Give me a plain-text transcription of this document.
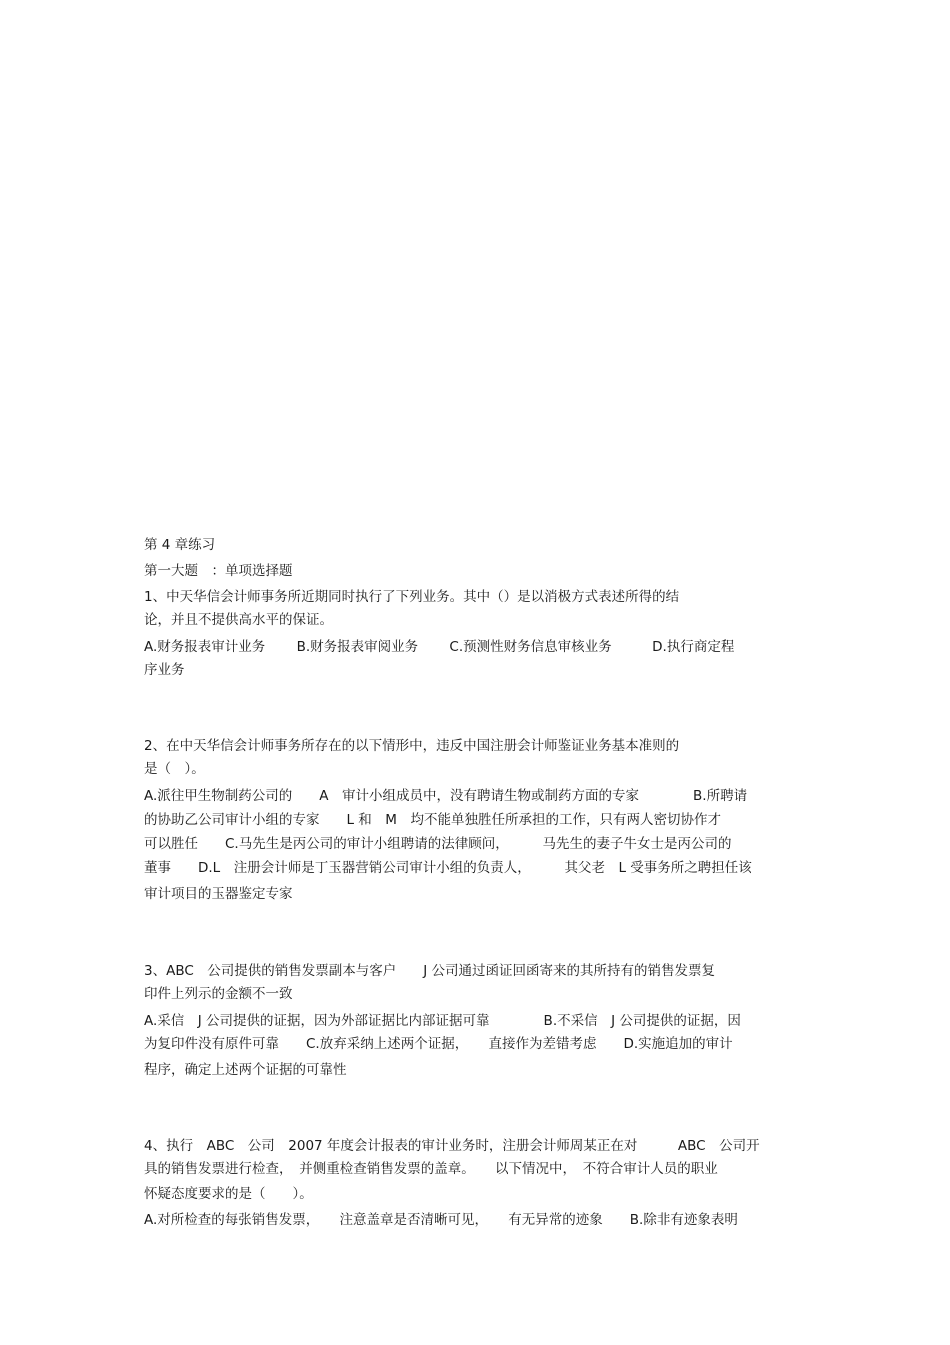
第 4 章练习

第一大题　：单项选择题

1、中天华信会计师事务所近期同时执行了下列业务。其中（）是以消极方式表述所得的结

论，并且不提供高水平的保证。

A.财务报表审计业务　　 B.财务报表审阅业务　　 C.预测性财务信息审核业务　　　D.执行商定程

序业务

2、在中天华信会计师事务所存在的以下情形中，违反中国注册会计师鉴证业务基本准则的

是（　）。

A.派往甲生物制药公司的　　A　审计小组成员中，没有聘请生物或制药方面的专家　　　　B.所聘请

的协助乙公司审计小组的专家　　L 和　M　均不能单独胜任所承担的工作，只有两人密切协作才

可以胜任　　C.马先生是丙公司的审计小组聘请的法律顾问，　　　马先生的妻子牛女士是丙公司的

董事　　D.L　注册会计师是丁玉器营销公司审计小组的负责人，　　　其父老　L 受事务所之聘担任该

审计项目的玉器鉴定专家

3、ABC　公司提供的销售发票副本与客户　　J 公司通过函证回函寄来的其所持有的销售发票复

印件上列示的金额不一致

A.采信　J 公司提供的证据，因为外部证据比内部证据可靠　　　　B.不采信　J 公司提供的证据，因

为复印件没有原件可靠　　C.放弃采纳上述两个证据，　　直接作为差错考虑　　D.实施追加的审计

程序，确定上述两个证据的可靠性

4、执行　ABC　公司　2007 年度会计报表的审计业务时，注册会计师周某正在对　　　ABC　公司开

具的销售发票进行检查，　并侧重检查销售发票的盖章。　　以下情况中，　不符合审计人员的职业

怀疑态度要求的是（　　）。

A.对所检查的每张销售发票，　　注意盖章是否清晰可见，　　有无异常的迹象　　B.除非有迹象表明
